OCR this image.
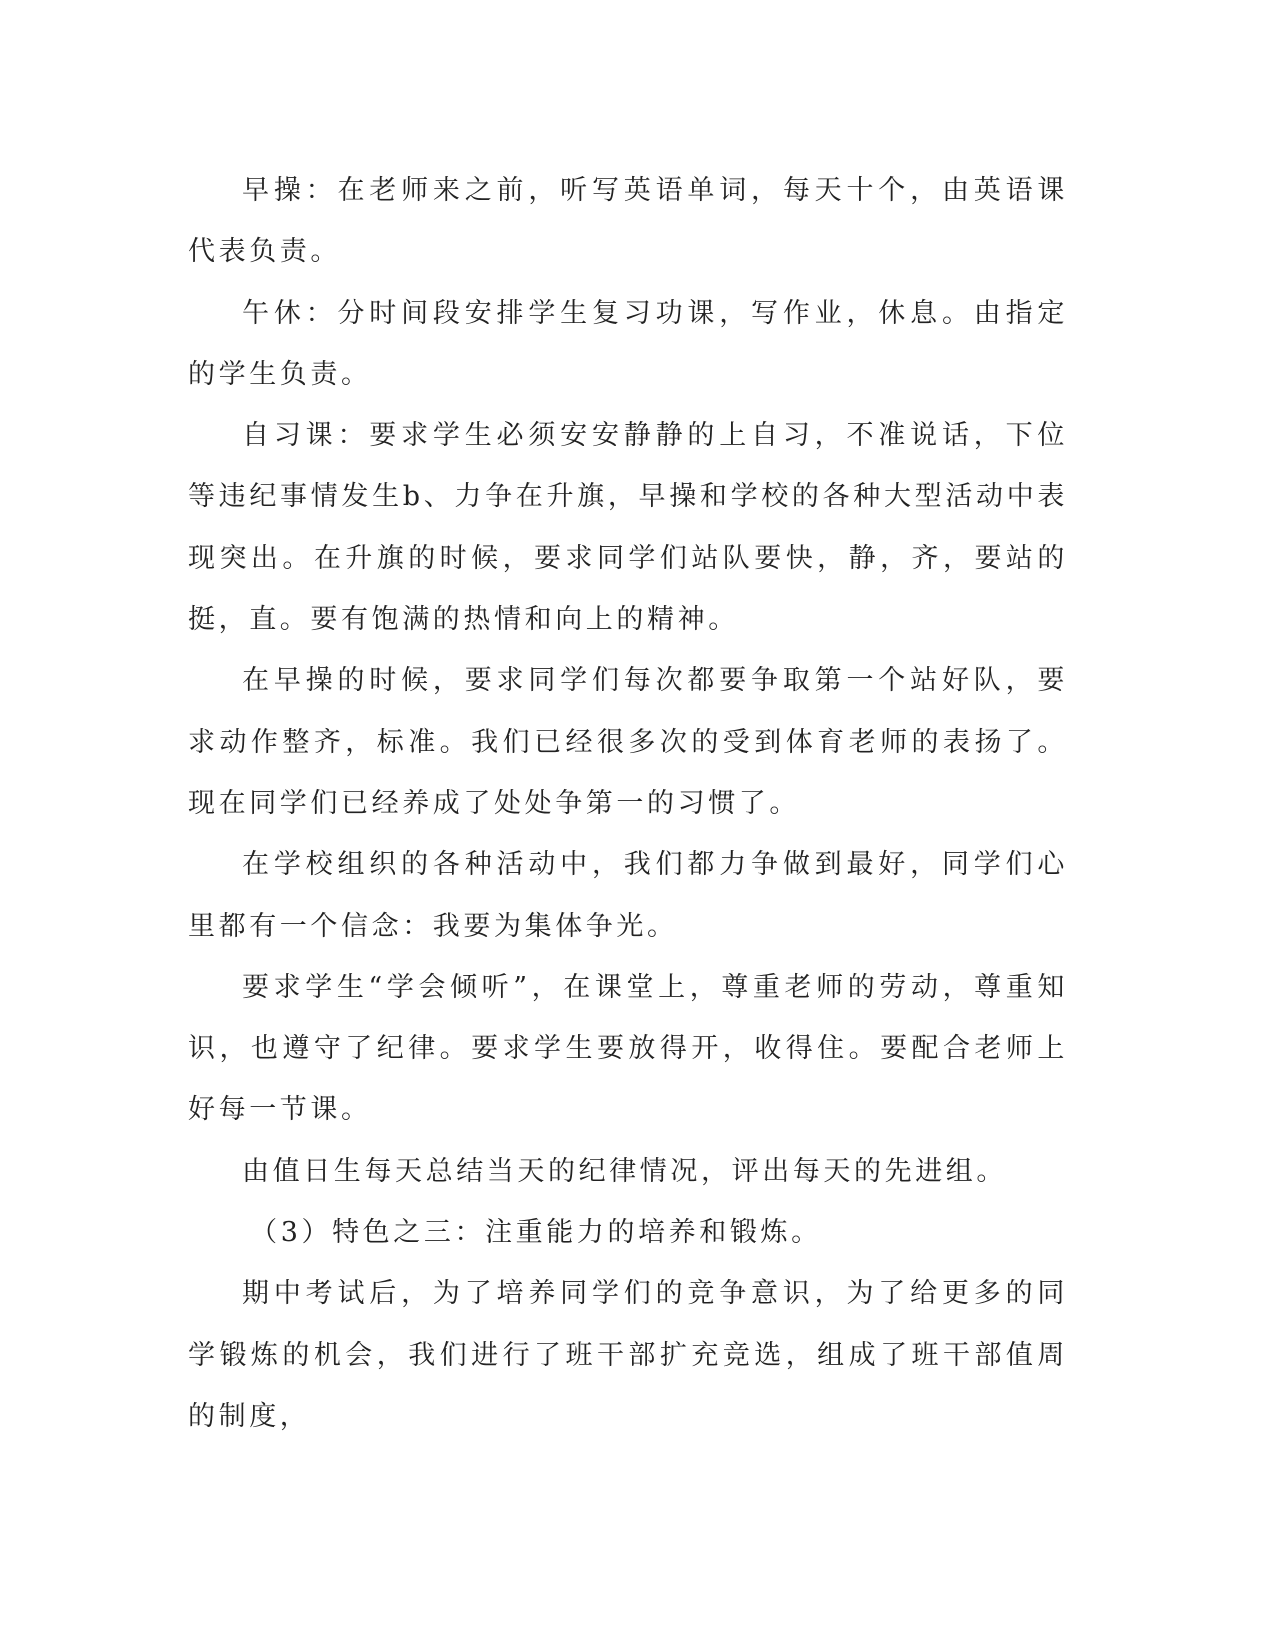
早操：在老师来之前，听写英语单词，每天十个，由英语课代表负责。

午休：分时间段安排学生复习功课，写作业，休息。由指定的学生负责。

自习课：要求学生必须安安静静的上自习，不准说话，下位等违纪事情发生b、力争在升旗，早操和学校的各种大型活动中表现突出。在升旗的时候，要求同学们站队要快，静，齐，要站的挺，直。要有饱满的热情和向上的精神。

在早操的时候，要求同学们每次都要争取第一个站好队，要求动作整齐，标准。我们已经很多次的受到体育老师的表扬了。现在同学们已经养成了处处争第一的习惯了。

在学校组织的各种活动中，我们都力争做到最好，同学们心里都有一个信念：我要为集体争光。

要求学生“学会倾听”，在课堂上，尊重老师的劳动，尊重知识，也遵守了纪律。要求学生要放得开，收得住。要配合老师上好每一节课。

由值日生每天总结当天的纪律情况，评出每天的先进组。

（3）特色之三：注重能力的培养和锻炼。

期中考试后，为了培养同学们的竞争意识，为了给更多的同学锻炼的机会，我们进行了班干部扩充竞选，组成了班干部值周的制度，
